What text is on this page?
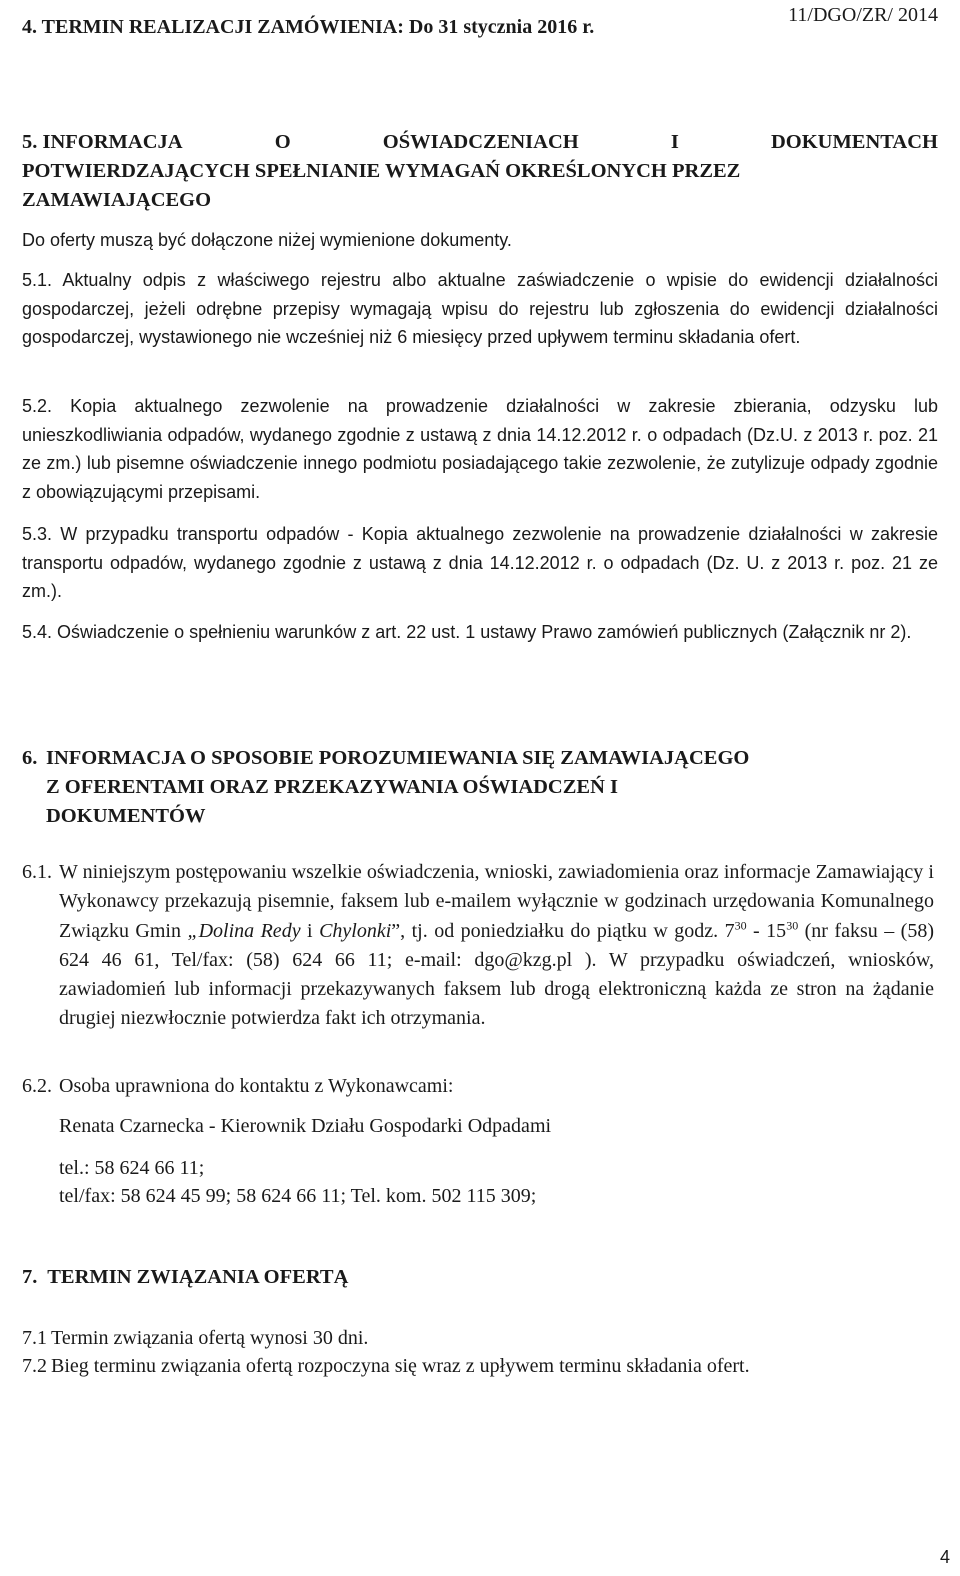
11/DGO/ZR/ 2014
4. TERMIN REALIZACJI ZAMÓWIENIA: Do 31 stycznia 2016 r.
5. INFORMACJA	O	OŚWIADCZENIACH	I	DOKUMENTACH
POTWIERDZAJĄCYCH SPEŁNIANIE WYMAGAŃ OKREŚLONYCH PRZEZ
ZAMAWIAJĄCEGO
Do oferty muszą być dołączone niżej wymienione dokumenty.
5.1. Aktualny odpis z właściwego rejestru albo aktualne zaświadczenie o wpisie do ewidencji działalności gospodarczej, jeżeli odrębne przepisy wymagają wpisu do rejestru lub zgłoszenia do ewidencji działalności gospodarczej, wystawionego nie wcześniej niż 6 miesięcy przed upływem terminu składania ofert.
5.2. Kopia aktualnego zezwolenie na prowadzenie działalności w zakresie zbierania, odzysku lub unieszkodliwiania odpadów, wydanego zgodnie z ustawą z dnia 14.12.2012 r. o odpadach (Dz.U. z 2013 r. poz. 21 ze zm.) lub pisemne oświadczenie innego podmiotu posiadającego takie zezwolenie, że zutylizuje odpady zgodnie z obowiązującymi przepisami.
5.3. W przypadku transportu odpadów - Kopia aktualnego zezwolenie na prowadzenie działalności w zakresie transportu odpadów, wydanego zgodnie z ustawą z dnia 14.12.2012 r. o odpadach (Dz. U. z 2013 r. poz. 21 ze zm.).
5.4. Oświadczenie o spełnieniu warunków z art. 22 ust. 1 ustawy Prawo zamówień publicznych (Załącznik nr 2).
6. INFORMACJA O SPOSOBIE POROZUMIEWANIA SIĘ ZAMAWIAJĄCEGO
Z OFERENTAMI ORAZ PRZEKAZYWANIA OŚWIADCZEŃ I
DOKUMENTÓW
6.1. W niniejszym postępowaniu wszelkie oświadczenia, wnioski, zawiadomienia oraz informacje Zamawiający i Wykonawcy przekazują pisemnie, faksem lub e-mailem wyłącznie w godzinach urzędowania Komunalnego Związku Gmin „Dolina Redy i Chylonki”, tj. od poniedziałku do piątku w godz. $7^{30} - 15^{30}$ (nr faksu – (58) 624 46 61, Tel/fax: (58) 624 66 11; e-mail: dgo@kzg.pl ). W przypadku oświadczeń, wniosków, zawiadomień lub informacji przekazywanych faksem lub drogą elektroniczną każda ze stron na żądanie drugiej niezwłocznie potwierdza fakt ich otrzymania.
6.2. Osoba uprawniona do kontaktu z Wykonawcami:
Renata Czarnecka - Kierownik Działu Gospodarki Odpadami
tel.: 58 624 66 11;
tel/fax: 58 624 45 99; 58 624 66 11; Tel. kom. 502 115 309;
7.  TERMIN ZWIĄZANIA OFERTĄ
7.1 Termin związania ofertą wynosi 30 dni.
7.2 Bieg terminu związania ofertą rozpoczyna się wraz z upływem terminu składania ofert.
4
